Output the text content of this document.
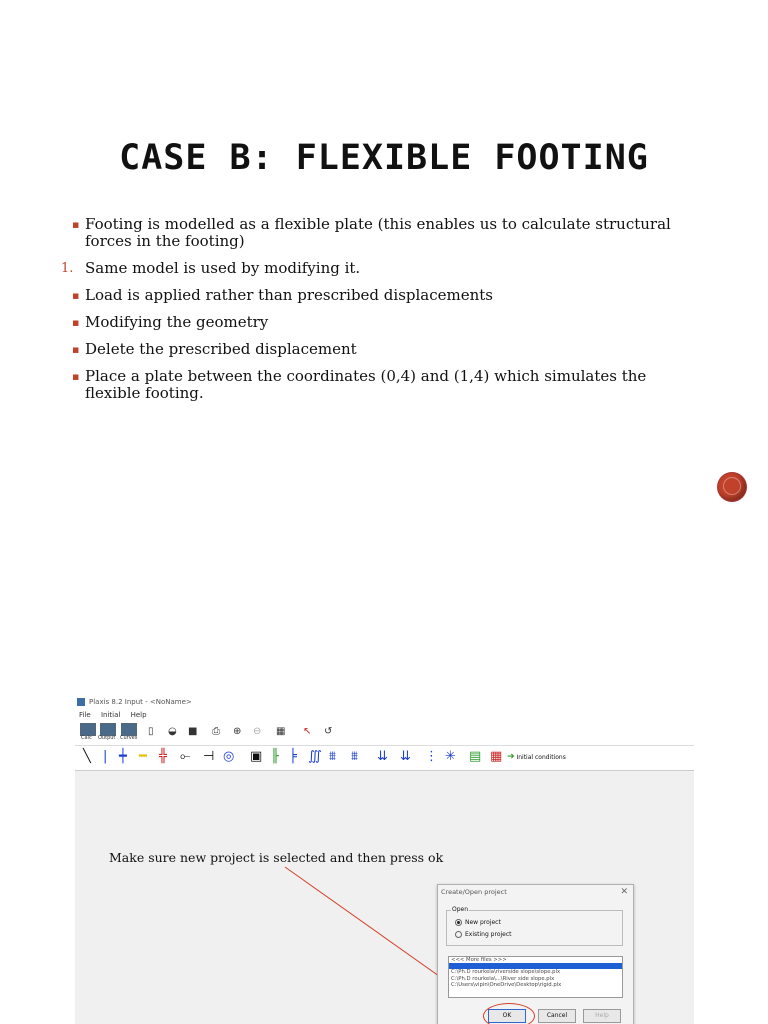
CASE B: FLEXIBLE FOOTING
▪ Footing is modelled as a flexible plate (this enables us to calculate structural forces in the footing)
1. Same model is used by modifying it.
▪ Load is applied rather than prescribed displacements
▪ Modifying the geometry
▪ Delete the prescribed displacement
▪ Place a plate between the coordinates (0,4) and (1,4) which simulates the flexible footing.
Plaxis 8.2 Input - <NoName>
File Initial Help
Calc Output Curves
▯ ◒ ■ ⎙ ⊕ ⊖ ▦ ↖ ↺
╲ | ┿ ━ ╬ ⟜ ⊣ ◎ ▣ ╟ ╞ ∭ ⩩ ⩩ ⇊ ⇊ ⋮ ✳ ▤ ▦ ➔ Initial conditions
Make sure new project is selected and then press ok
Create/Open project	✕
Open
New project
Existing project
<<< More files >>>

C:\Ph.D rourkela\riverside slope\slope.plx
C:\Ph.D rourkela\...\River side slope.plx
C:\Users\vipin\OneDrive\Desktop\rigid.plx
OK	Cancel	Help
